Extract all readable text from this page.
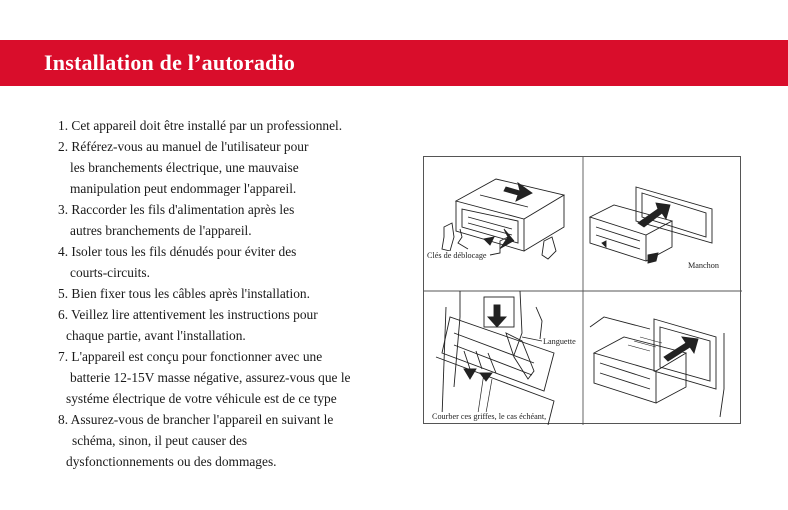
Installation de l’autoradio
1. Cet appareil doit être installé par un professionnel.
2. Référez-vous au manuel de l'utilisateur pour
les branchements électrique, une mauvaise
manipulation peut endommager l'appareil.
3. Raccorder les fils d'alimentation après les
autres branchements de l'appareil.
4. Isoler tous les fils dénudés pour éviter des
courts-circuits.
5. Bien fixer tous les câbles après l'installation.
6. Veillez lire attentivement les instructions pour
chaque partie, avant l'installation.
7. L'appareil est conçu pour fonctionner avec une
batterie 12-15V masse négative, assurez-vous que le
systéme électrique de votre véhicule est de ce type
8. Assurez-vous de brancher l'appareil en suivant le
schéma, sinon, il peut causer des
dysfonctionnements ou des dommages.
Clés de déblocage
Manchon
Languette
Courber ces griffes, le cas échéant,
